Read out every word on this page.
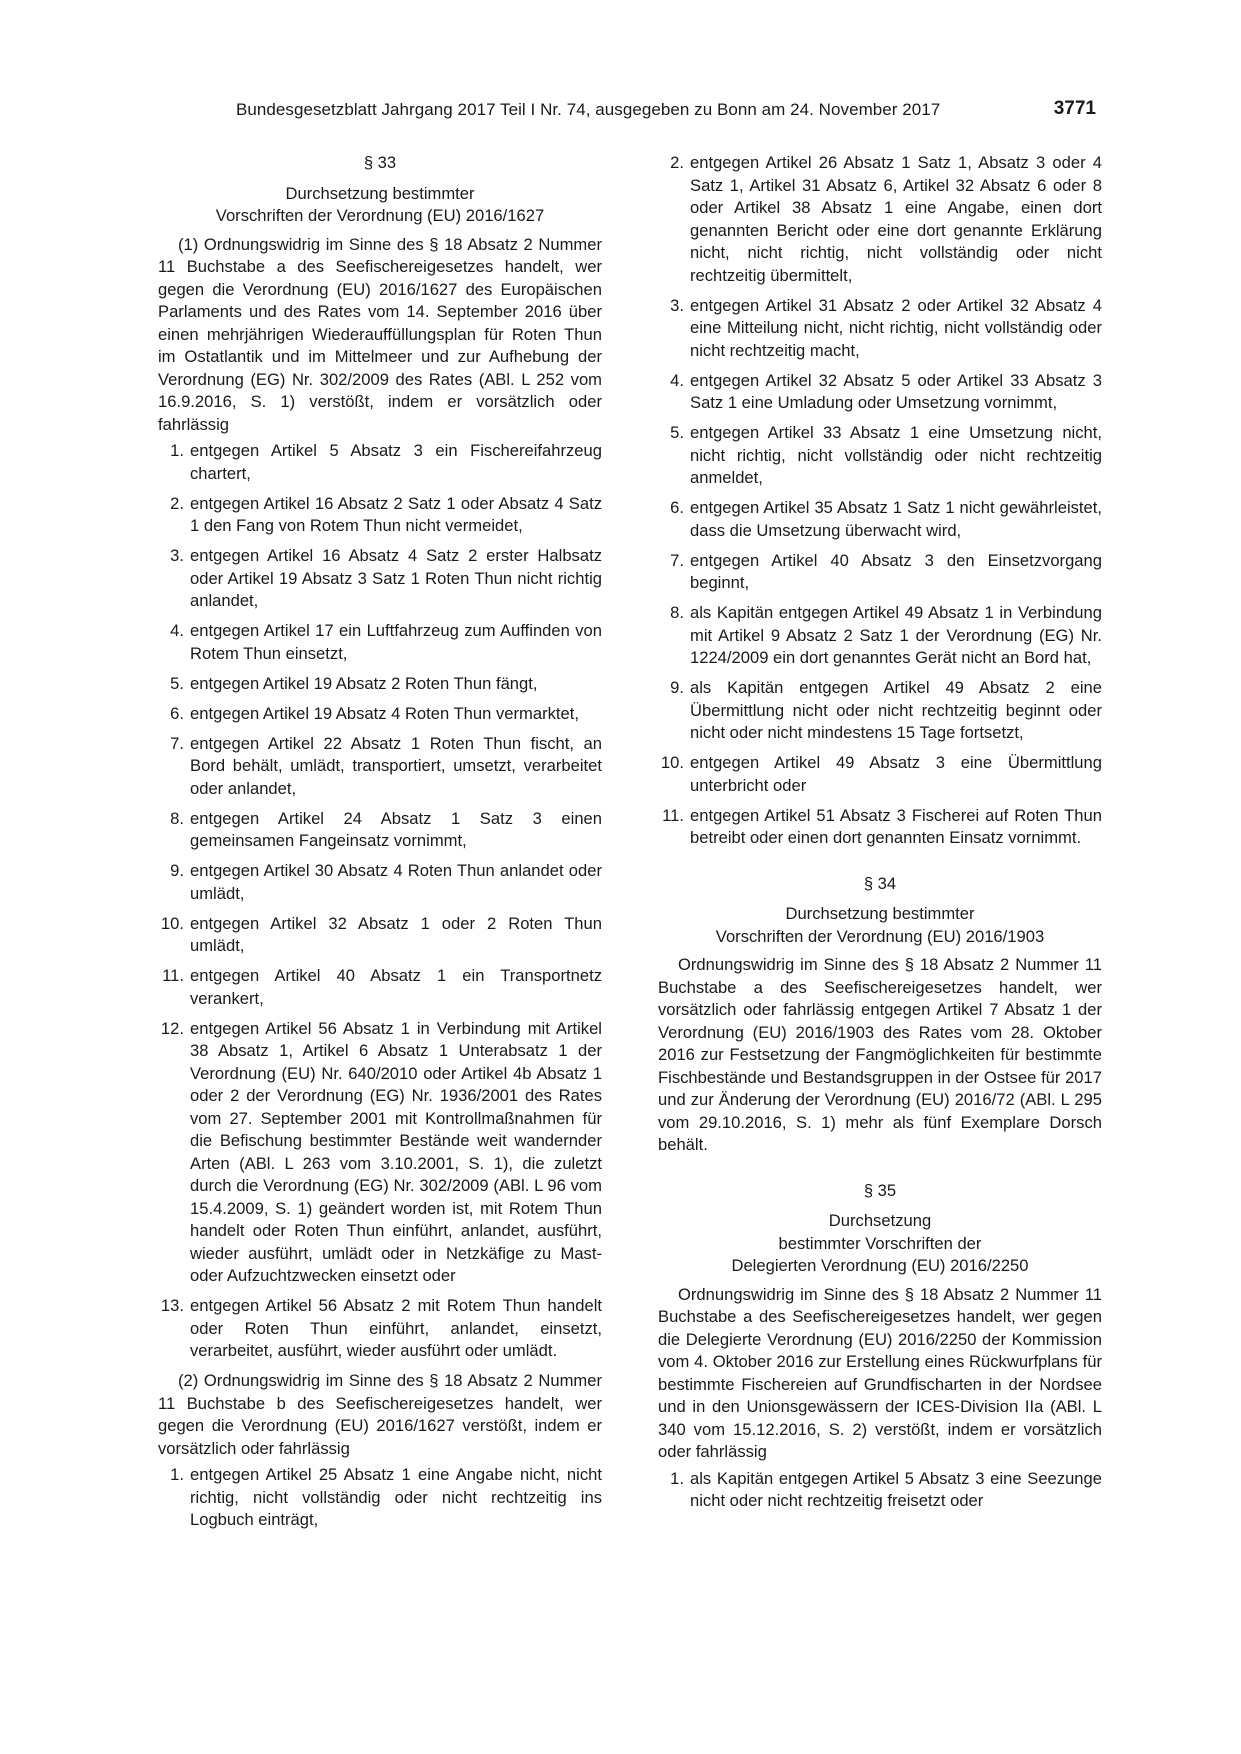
Bundesgesetzblatt Jahrgang 2017 Teil I Nr. 74, ausgegeben zu Bonn am 24. November 2017	3771
§ 33
Durchsetzung bestimmter
Vorschriften der Verordnung (EU) 2016/1627

(1) Ordnungswidrig im Sinne des § 18 Absatz 2 Nummer 11 Buchstabe a des Seefischereigesetzes handelt, wer gegen die Verordnung (EU) 2016/1627 des Europäischen Parlaments und des Rates vom 14. September 2016 über einen mehrjährigen Wiederauffüllungsplan für Roten Thun im Ostatlantik und im Mittelmeer und zur Aufhebung der Verordnung (EG) Nr. 302/2009 des Rates (ABl. L 252 vom 16.9.2016, S. 1) verstößt, indem er vorsätzlich oder fahrlässig

1. entgegen Artikel 5 Absatz 3 ein Fischereifahrzeug chartert,
2. entgegen Artikel 16 Absatz 2 Satz 1 oder Absatz 4 Satz 1 den Fang von Rotem Thun nicht vermeidet,
3. entgegen Artikel 16 Absatz 4 Satz 2 erster Halbsatz oder Artikel 19 Absatz 3 Satz 1 Roten Thun nicht richtig anlandet,
4. entgegen Artikel 17 ein Luftfahrzeug zum Auffinden von Rotem Thun einsetzt,
5. entgegen Artikel 19 Absatz 2 Roten Thun fängt,
6. entgegen Artikel 19 Absatz 4 Roten Thun vermarktet,
7. entgegen Artikel 22 Absatz 1 Roten Thun fischt, an Bord behält, umlädt, transportiert, umsetzt, verarbeitet oder anlandet,
8. entgegen Artikel 24 Absatz 1 Satz 3 einen gemeinsamen Fangeinsatz vornimmt,
9. entgegen Artikel 30 Absatz 4 Roten Thun anlandet oder umlädt,
10. entgegen Artikel 32 Absatz 1 oder 2 Roten Thun umlädt,
11. entgegen Artikel 40 Absatz 1 ein Transportnetz verankert,
12. entgegen Artikel 56 Absatz 1 in Verbindung mit Artikel 38 Absatz 1, Artikel 6 Absatz 1 Unterabsatz 1 der Verordnung (EU) Nr. 640/2010 oder Artikel 4b Absatz 1 oder 2 der Verordnung (EG) Nr. 1936/2001 des Rates vom 27. September 2001 mit Kontrollmaßnahmen für die Befischung bestimmter Bestände weit wandernder Arten (ABl. L 263 vom 3.10.2001, S. 1), die zuletzt durch die Verordnung (EG) Nr. 302/2009 (ABl. L 96 vom 15.4.2009, S. 1) geändert worden ist, mit Rotem Thun handelt oder Roten Thun einführt, anlandet, ausführt, wieder ausführt, umlädt oder in Netzkäfige zu Mast- oder Aufzuchtzwecken einsetzt oder
13. entgegen Artikel 56 Absatz 2 mit Rotem Thun handelt oder Roten Thun einführt, anlandet, einsetzt, verarbeitet, ausführt, wieder ausführt oder umlädt.

(2) Ordnungswidrig im Sinne des § 18 Absatz 2 Nummer 11 Buchstabe b des Seefischereigesetzes handelt, wer gegen die Verordnung (EU) 2016/1627 verstößt, indem er vorsätzlich oder fahrlässig

1. entgegen Artikel 25 Absatz 1 eine Angabe nicht, nicht richtig, nicht vollständig oder nicht rechtzeitig ins Logbuch einträgt,
2. entgegen Artikel 26 Absatz 1 Satz 1, Absatz 3 oder 4 Satz 1, Artikel 31 Absatz 6, Artikel 32 Absatz 6 oder 8 oder Artikel 38 Absatz 1 eine Angabe, einen dort genannten Bericht oder eine dort genannte Erklärung nicht, nicht richtig, nicht vollständig oder nicht rechtzeitig übermittelt,
3. entgegen Artikel 31 Absatz 2 oder Artikel 32 Absatz 4 eine Mitteilung nicht, nicht richtig, nicht vollständig oder nicht rechtzeitig macht,
4. entgegen Artikel 32 Absatz 5 oder Artikel 33 Absatz 3 Satz 1 eine Umladung oder Umsetzung vornimmt,
5. entgegen Artikel 33 Absatz 1 eine Umsetzung nicht, nicht richtig, nicht vollständig oder nicht rechtzeitig anmeldet,
6. entgegen Artikel 35 Absatz 1 Satz 1 nicht gewährleistet, dass die Umsetzung überwacht wird,
7. entgegen Artikel 40 Absatz 3 den Einsetzvorgang beginnt,
8. als Kapitän entgegen Artikel 49 Absatz 1 in Verbindung mit Artikel 9 Absatz 2 Satz 1 der Verordnung (EG) Nr. 1224/2009 ein dort genanntes Gerät nicht an Bord hat,
9. als Kapitän entgegen Artikel 49 Absatz 2 eine Übermittlung nicht oder nicht rechtzeitig beginnt oder nicht oder nicht mindestens 15 Tage fortsetzt,
10. entgegen Artikel 49 Absatz 3 eine Übermittlung unterbricht oder
11. entgegen Artikel 51 Absatz 3 Fischerei auf Roten Thun betreibt oder einen dort genannten Einsatz vornimmt.
§ 34
Durchsetzung bestimmter
Vorschriften der Verordnung (EU) 2016/1903

Ordnungswidrig im Sinne des § 18 Absatz 2 Nummer 11 Buchstabe a des Seefischereigesetzes handelt, wer vorsätzlich oder fahrlässig entgegen Artikel 7 Absatz 1 der Verordnung (EU) 2016/1903 des Rates vom 28. Oktober 2016 zur Festsetzung der Fangmöglichkeiten für bestimmte Fischbestände und Bestandsgruppen in der Ostsee für 2017 und zur Änderung der Verordnung (EU) 2016/72 (ABl. L 295 vom 29.10.2016, S. 1) mehr als fünf Exemplare Dorsch behält.

§ 35
Durchsetzung
bestimmter Vorschriften der
Delegierten Verordnung (EU) 2016/2250

Ordnungswidrig im Sinne des § 18 Absatz 2 Nummer 11 Buchstabe a des Seefischereigesetzes handelt, wer gegen die Delegierte Verordnung (EU) 2016/2250 der Kommission vom 4. Oktober 2016 zur Erstellung eines Rückwurfplans für bestimmte Fischereien auf Grundfischarten in der Nordsee und in den Unionsgewässern der ICES-Division IIa (ABl. L 340 vom 15.12.2016, S. 2) verstößt, indem er vorsätzlich oder fahrlässig

1. als Kapitän entgegen Artikel 5 Absatz 3 eine Seezunge nicht oder nicht rechtzeitig freisetzt oder
